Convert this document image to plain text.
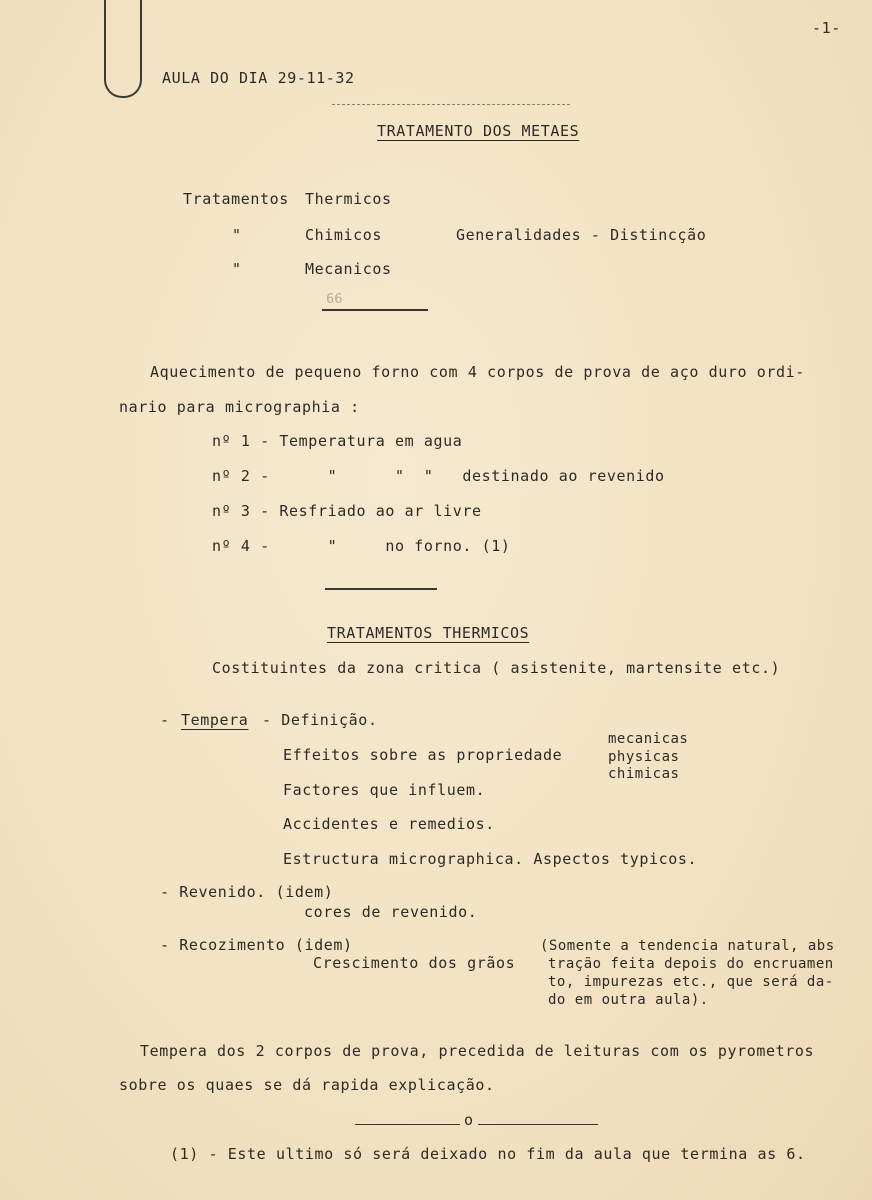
-1-
AULA DO DIA 29-11-32
TRATAMENTO DOS METAES
Tratamentos Thermicos
"	Chimicos	Generalidades - Distincção
"	Mecanicos
66
Aquecimento de pequeno forno com 4 corpos de prova de aço duro ordi-
nario para micrographia :
nº 1 - Temperatura em agua
nº 2 -      "      "  "   destinado ao revenido
nº 3 - Resfriado ao ar livre
nº 4 -      "     no forno. (1)
TRATAMENTOS THERMICOS
Costituintes da zona critica ( asistenite, martensite etc.)
- Tempera - Definição.
mecanicas
Effeitos sobre as propriedade	physicas
chimicas
Factores que influem.
Accidentes e remedios.
Estructura micrographica. Aspectos typicos.
- Revenido. (idem)
cores de revenido.
- Recozimento (idem)
Crescimento dos grãos
(Somente a tendencia natural, abs
tração feita depois do encruamen
to, impurezas etc., que será da-
do em outra aula).
Tempera dos 2 corpos de prova, precedida de leituras com os pyrometros
sobre os quaes se dá rapida explicação.
o
(1) - Este ultimo só será deixado no fim da aula que termina as 6.
